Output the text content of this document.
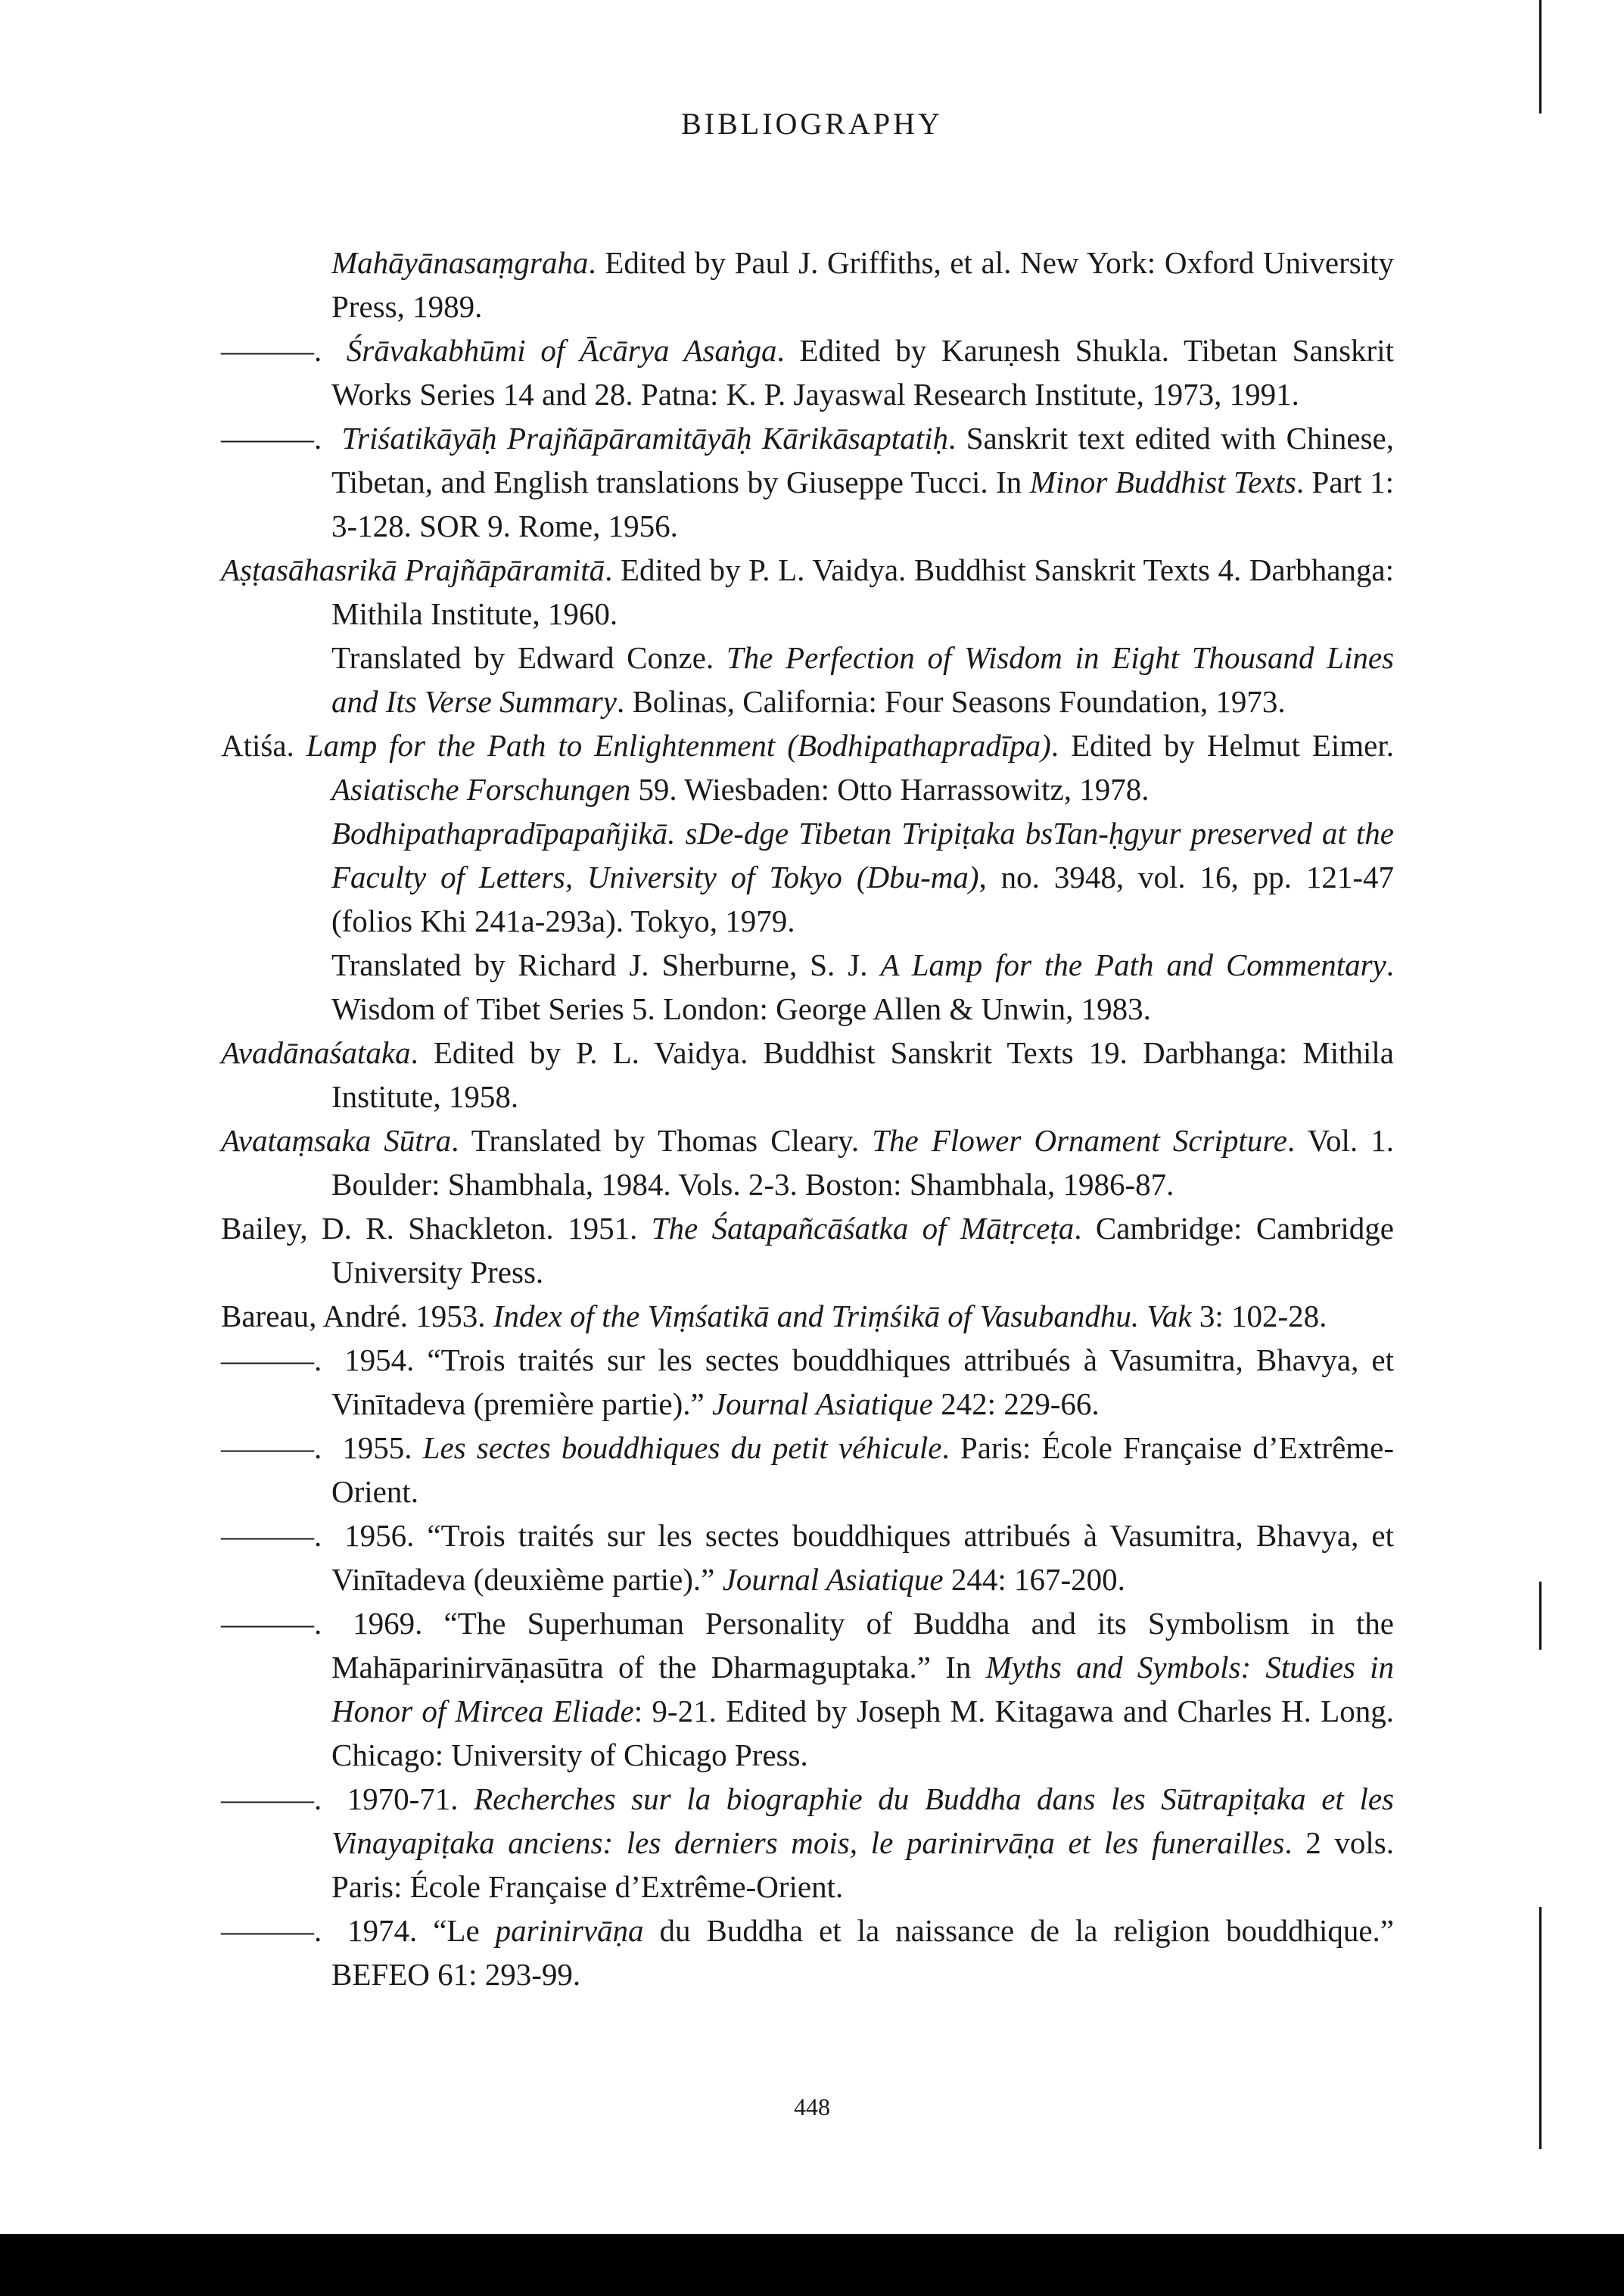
BIBLIOGRAPHY
Mahāyānasaṃgraha. Edited by Paul J. Griffiths, et al. New York: Oxford University Press, 1989.
———. Śrāvakabhūmi of Ācārya Asaṅga. Edited by Karuṇesh Shukla. Tibetan Sanskrit Works Series 14 and 28. Patna: K. P. Jayaswal Research Institute, 1973, 1991.
———. Triśatikāyāḥ Prajñāpāramitāyāḥ Kārikāsaptatiḥ. Sanskrit text edited with Chinese, Tibetan, and English translations by Giuseppe Tucci. In Minor Buddhist Texts. Part 1: 3-128. SOR 9. Rome, 1956.
Aṣṭasāhasrikā Prajñāpāramitā. Edited by P. L. Vaidya. Buddhist Sanskrit Texts 4. Darbhanga: Mithila Institute, 1960.
Translated by Edward Conze. The Perfection of Wisdom in Eight Thousand Lines and Its Verse Summary. Bolinas, California: Four Seasons Foundation, 1973.
Atiśa. Lamp for the Path to Enlightenment (Bodhipathapradīpa). Edited by Helmut Eimer. Asiatische Forschungen 59. Wiesbaden: Otto Harrassowitz, 1978.
Bodhipathapradīpapañjikā. sDe-dge Tibetan Tripiṭaka bsTan-ḥgyur preserved at the Faculty of Letters, University of Tokyo (Dbu-ma), no. 3948, vol. 16, pp. 121-47 (folios Khi 241a-293a). Tokyo, 1979.
Translated by Richard J. Sherburne, S. J. A Lamp for the Path and Commentary. Wisdom of Tibet Series 5. London: George Allen & Unwin, 1983.
Avadānaśataka. Edited by P. L. Vaidya. Buddhist Sanskrit Texts 19. Darbhanga: Mithila Institute, 1958.
Avataṃsaka Sūtra. Translated by Thomas Cleary. The Flower Ornament Scripture. Vol. 1. Boulder: Shambhala, 1984. Vols. 2-3. Boston: Shambhala, 1986-87.
Bailey, D. R. Shackleton. 1951. The Śatapañcāśatka of Mātṛceṭa. Cambridge: Cambridge University Press.
Bareau, André. 1953. Index of the Viṃśatikā and Triṃśikā of Vasubandhu. Vak 3: 102-28.
———. 1954. “Trois traités sur les sectes bouddhiques attribués à Vasumitra, Bhavya, et Vinītadeva (première partie).” Journal Asiatique 242: 229-66.
———. 1955. Les sectes bouddhiques du petit véhicule. Paris: École Française d’Extrême-Orient.
———. 1956. “Trois traités sur les sectes bouddhiques attribués à Vasumitra, Bhavya, et Vinītadeva (deuxième partie).” Journal Asiatique 244: 167-200.
———. 1969. “The Superhuman Personality of Buddha and its Symbolism in the Mahāparinirvāṇasūtra of the Dharmaguptaka.” In Myths and Symbols: Studies in Honor of Mircea Eliade: 9-21. Edited by Joseph M. Kitagawa and Charles H. Long. Chicago: University of Chicago Press.
———. 1970-71. Recherches sur la biographie du Buddha dans les Sūtrapiṭaka et les Vinayapiṭaka anciens: les derniers mois, le parinirvāṇa et les funerailles. 2 vols. Paris: École Française d’Extrême-Orient.
———. 1974. “Le parinirvāṇa du Buddha et la naissance de la religion bouddhique.” BEFEO 61: 293-99.
448
